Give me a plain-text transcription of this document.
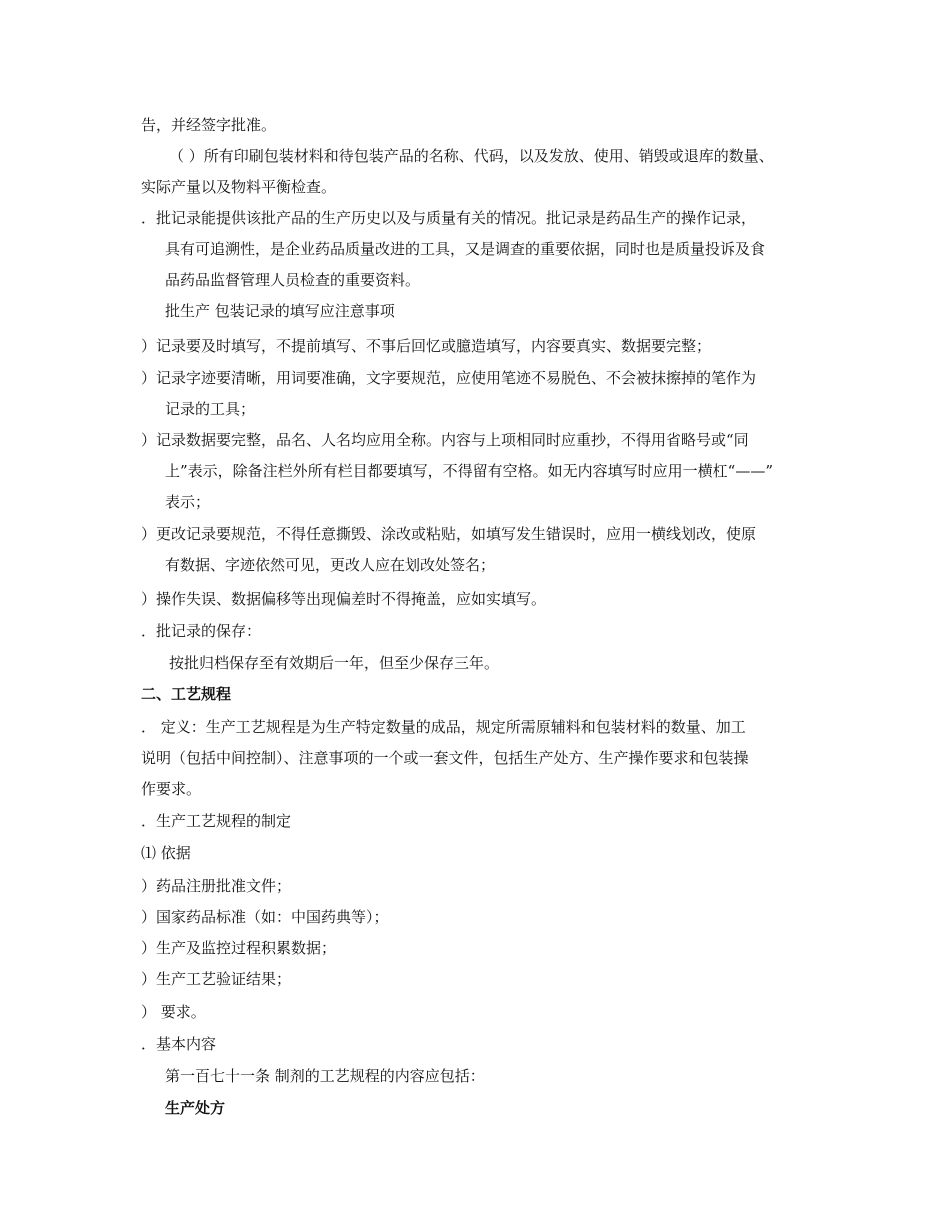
告，并经签字批准。
（ ）所有印刷包装材料和待包装产品的名称、代码，以及发放、使用、销毁或退库的数量、
实际产量以及物料平衡检查。
．批记录能提供该批产品的生产历史以及与质量有关的情况。批记录是药品生产的操作记录，
具有可追溯性，是企业药品质量改进的工具，又是调查的重要依据，同时也是质量投诉及食
品药品监督管理人员检查的重要资料。
批生产 包装记录的填写应注意事项
）记录要及时填写，不提前填写、不事后回忆或臆造填写，内容要真实、数据要完整；
）记录字迹要清晰，用词要准确，文字要规范，应使用笔迹不易脱色、不会被抹擦掉的笔作为
记录的工具；
）记录数据要完整，品名、人名均应用全称。内容与上项相同时应重抄，不得用省略号或“同
上”表示，除备注栏外所有栏目都要填写，不得留有空格。如无内容填写时应用一横杠“——”
表示；
）更改记录要规范，不得任意撕毁、涂改或粘贴，如填写发生错误时，应用一横线划改，使原
有数据、字迹依然可见，更改人应在划改处签名；
）操作失误、数据偏移等出现偏差时不得掩盖，应如实填写。
．批记录的保存：
按批归档保存至有效期后一年，但至少保存三年。
二、工艺规程
． 定义：生产工艺规程是为生产特定数量的成品，规定所需原辅料和包装材料的数量、加工
说明（包括中间控制）、注意事项的一个或一套文件，包括生产处方、生产操作要求和包装操
作要求。
．生产工艺规程的制定
⑴ 依据
）药品注册批准文件；
）国家药品标准（如：中国药典等）；
）生产及监控过程积累数据；
）生产工艺验证结果；
） 要求。
．基本内容
第一百七十一条 制剂的工艺规程的内容应包括：
生产处方
